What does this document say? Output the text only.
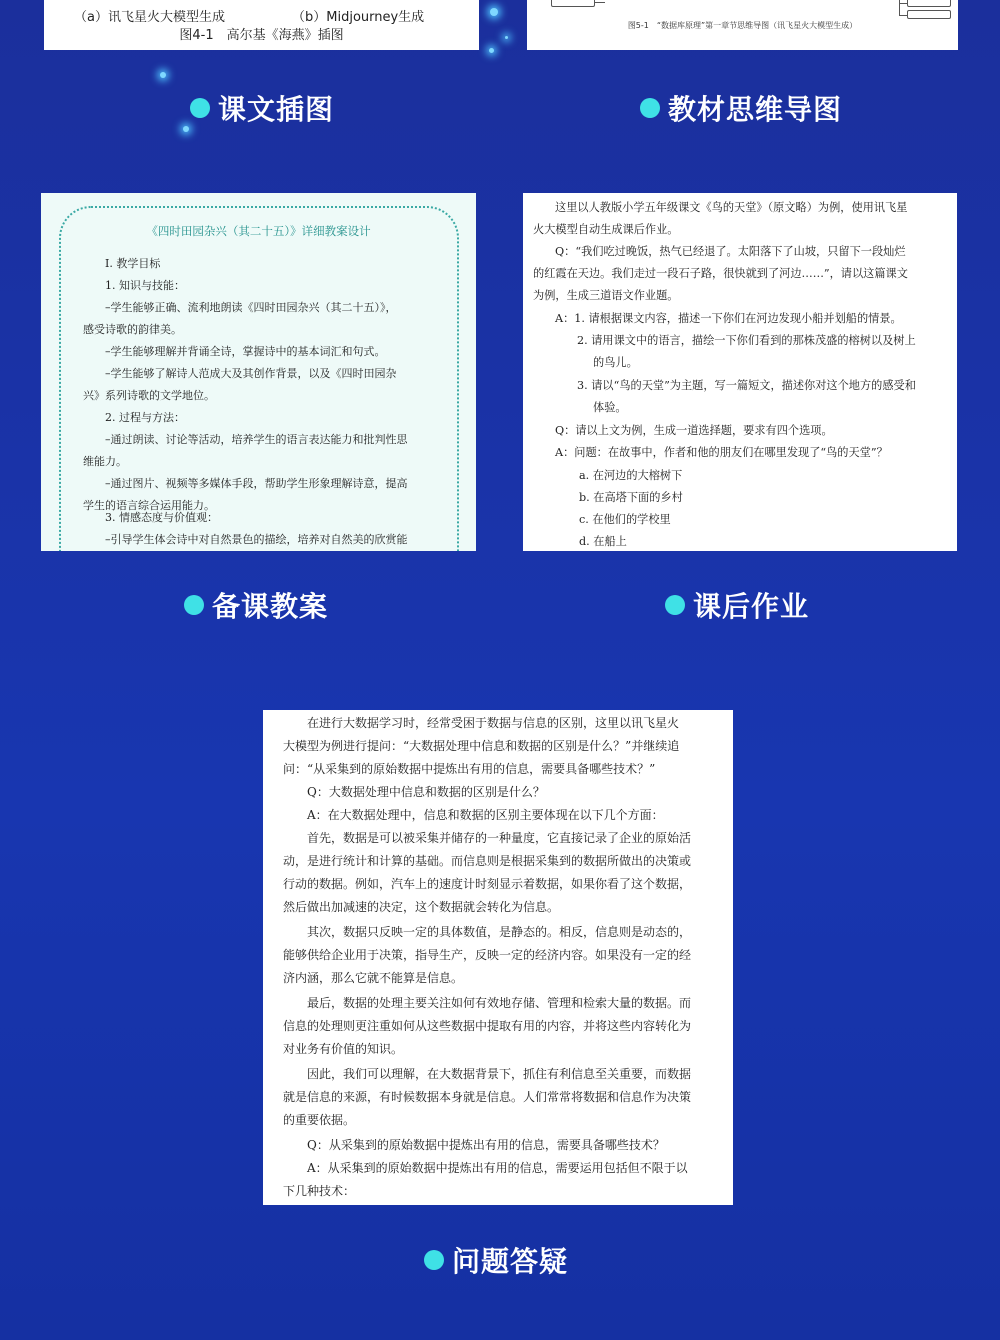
（a）讯飞星火大模型生成	（b）Midjourney生成
图4-1　高尔基《海燕》插图
图5-1　“数据库原理”第一章节思维导图（讯飞星火大模型生成）
课文插图	教材思维导图
《四时田园杂兴（其二十五）》详细教案设计
Ⅰ. 教学目标
1. 知识与技能：
–学生能够正确、流利地朗读《四时田园杂兴（其二十五）》，
感受诗歌的韵律美。
–学生能够理解并背诵全诗，掌握诗中的基本词汇和句式。
–学生能够了解诗人范成大及其创作背景，以及《四时田园杂
兴》系列诗歌的文学地位。
2. 过程与方法：
–通过朗读、讨论等活动，培养学生的语言表达能力和批判性思
维能力。
–通过图片、视频等多媒体手段，帮助学生形象理解诗意，提高
学生的语言综合运用能力。
3. 情感态度与价值观：
–引导学生体会诗中对自然景色的描绘，培养对自然美的欣赏能
这里以人教版小学五年级课文《鸟的天堂》（原文略）为例，使用讯飞星
火大模型自动生成课后作业。
Q：“我们吃过晚饭，热气已经退了。太阳落下了山坡，只留下一段灿烂
的红霞在天边。我们走过一段石子路，很快就到了河边……”，请以这篇课文
为例，生成三道语文作业题。
A：1. 请根据课文内容，描述一下你们在河边发现小船并划船的情景。
2. 请用课文中的语言，描绘一下你们看到的那株茂盛的榕树以及树上
的鸟儿。
3. 请以“鸟的天堂”为主题，写一篇短文，描述你对这个地方的感受和
体验。
Q：请以上文为例，生成一道选择题，要求有四个选项。
A：问题：在故事中，作者和他的朋友们在哪里发现了“鸟的天堂”？
a. 在河边的大榕树下
b. 在高塔下面的乡村
c. 在他们的学校里
d. 在船上
备课教案	课后作业
在进行大数据学习时，经常受困于数据与信息的区别，这里以讯飞星火
大模型为例进行提问：“大数据处理中信息和数据的区别是什么？”并继续追
问：“从采集到的原始数据中提炼出有用的信息，需要具备哪些技术？”
Q：大数据处理中信息和数据的区别是什么？
A：在大数据处理中，信息和数据的区别主要体现在以下几个方面：
首先，数据是可以被采集并储存的一种量度，它直接记录了企业的原始活
动，是进行统计和计算的基础。而信息则是根据采集到的数据所做出的决策或
行动的数据。例如，汽车上的速度计时刻显示着数据，如果你看了这个数据，
然后做出加减速的决定，这个数据就会转化为信息。
其次，数据只反映一定的具体数值，是静态的。相反，信息则是动态的，
能够供给企业用于决策，指导生产，反映一定的经济内容。如果没有一定的经
济内涵，那么它就不能算是信息。
最后，数据的处理主要关注如何有效地存储、管理和检索大量的数据。而
信息的处理则更注重如何从这些数据中提取有用的内容，并将这些内容转化为
对业务有价值的知识。
因此，我们可以理解，在大数据背景下，抓住有利信息至关重要，而数据
就是信息的来源，有时候数据本身就是信息。人们常常将数据和信息作为决策
的重要依据。
Q：从采集到的原始数据中提炼出有用的信息，需要具备哪些技术？
A：从采集到的原始数据中提炼出有用的信息，需要运用包括但不限于以
下几种技术：
问题答疑
